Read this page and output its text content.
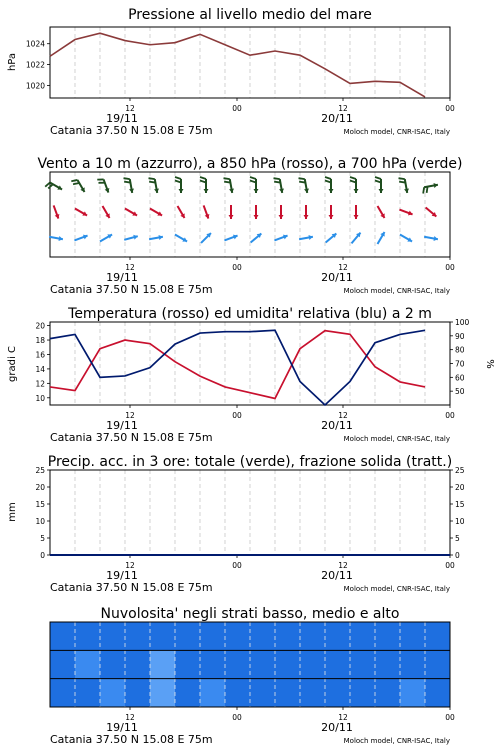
12	00	12	00
19/11	20/11
Catania 37.50 N 15.08 E 75m	Moloch model, CNR-ISAC, Italy
Pressione al livello medio del mare
hPa
1020
1022
1024
12	00	12	00
19/11	20/11
Catania 37.50 N 15.08 E 75m	Moloch model, CNR-ISAC, Italy
Vento a 10 m (azzurro), a 850 hPa (rosso), a 700 hPa (verde)
12	00	12	00
19/11	20/11
Catania 37.50 N 15.08 E 75m	Moloch model, CNR-ISAC, Italy
Temperatura (rosso) ed umidita' relativa (blu) a 2 m
gradi C	%
10
12
14
16
18
20
50
60
70
80
90
100
12	00	12	00
19/11	20/11
Catania 37.50 N 15.08 E 75m	Moloch model, CNR-ISAC, Italy
Precip. acc. in 3 ore: totale (verde), frazione solida (tratt.)
mm
0	0
5	5
10	10
15	15
20	20
25	25
12	00	12	00
19/11	20/11
Catania 37.50 N 15.08 E 75m	Moloch model, CNR-ISAC, Italy
Nuvolosita' negli strati basso, medio e alto
